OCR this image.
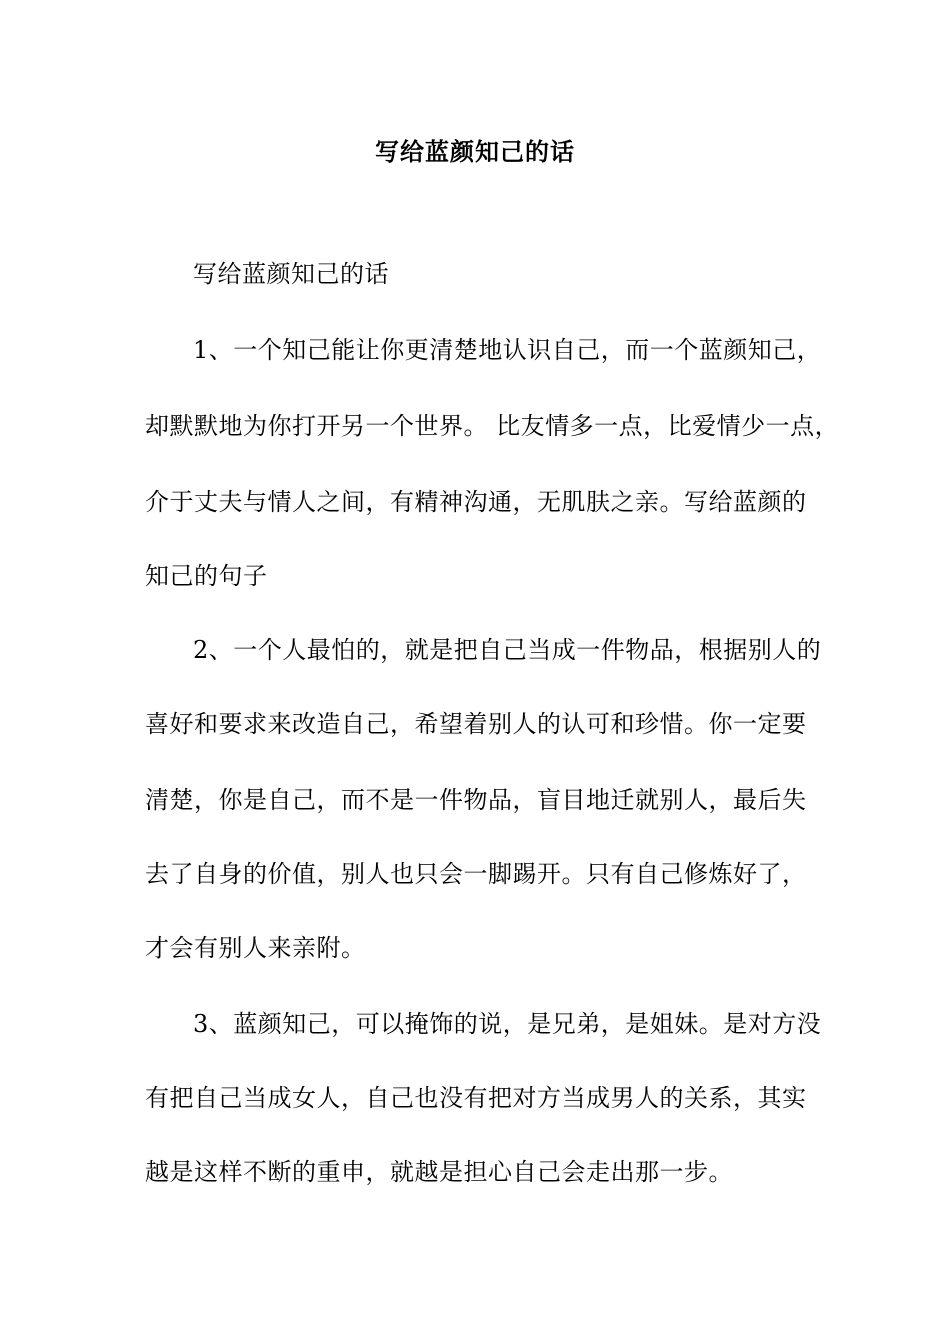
写给蓝颜知己的话
写给蓝颜知己的话
1、一个知己能让你更清楚地认识自己，而一个蓝颜知己，
却默默地为你打开另一个世界。 比友情多一点，比爱情少一点，
介于丈夫与情人之间，有精神沟通，无肌肤之亲。写给蓝颜的
知己的句子
2、一个人最怕的，就是把自己当成一件物品，根据别人的
喜好和要求来改造自己，希望着别人的认可和珍惜。你一定要
清楚，你是自己，而不是一件物品，盲目地迁就别人，最后失
去了自身的价值，别人也只会一脚踢开。只有自己修炼好了，
才会有别人来亲附。
3、蓝颜知己，可以掩饰的说，是兄弟，是姐妹。是对方没
有把自己当成女人，自己也没有把对方当成男人的关系，其实
越是这样不断的重申，就越是担心自己会走出那一步。
